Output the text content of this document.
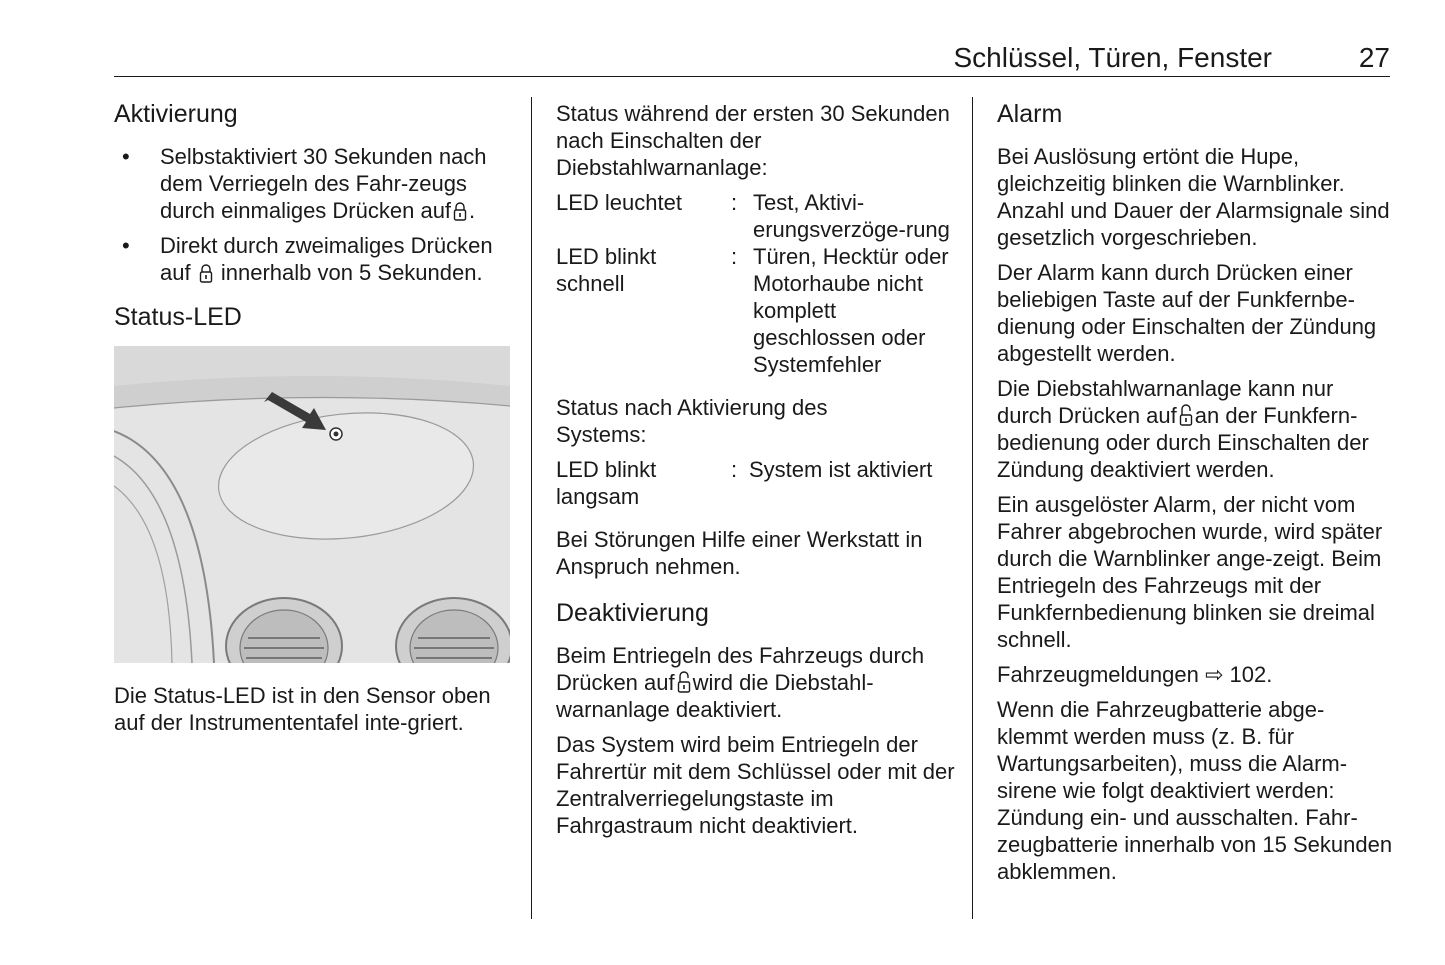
Schlüssel, Türen, Fenster	27
Aktivierung
• Selbstaktiviert 30 Sekunden nach dem Verriegeln des Fahr-zeugs durch einmaliges Drücken auf .
• Direkt durch zweimaliges Drücken auf innerhalb von 5 Sekunden.
Status-LED

Die Status-LED ist in den Sensor oben auf der Instrumententafel inte-griert.

Status während der ersten 30 Sekunden nach Einschalten der Diebstahlwarnanlage:

LED leuchtet	:	Test, Aktivi-erungsverzöge-rung
LED blinkt schnell	:	Türen, Hecktür oder Motorhaube nicht komplett geschlossen oder Systemfehler

Status nach Aktivierung des Systems:

LED blinkt langsam	:	System ist aktiviert

Bei Störungen Hilfe einer Werkstatt in Anspruch nehmen.

Deaktivierung

Beim Entriegeln des Fahrzeugs durch Drücken auf wird die Diebstahl-warnanlage deaktiviert.

Das System wird beim Entriegeln der Fahrertür mit dem Schlüssel oder mit der Zentralverriegelungstaste im Fahrgastraum nicht deaktiviert.

Alarm

Bei Auslösung ertönt die Hupe, gleichzeitig blinken die Warnblinker. Anzahl und Dauer der Alarmsignale sind gesetzlich vorgeschrieben.

Der Alarm kann durch Drücken einer beliebigen Taste auf der Funkfernbe-dienung oder Einschalten der Zündung abgestellt werden.

Die Diebstahlwarnanlage kann nur durch Drücken auf an der Funkfern-bedienung oder durch Einschalten der Zündung deaktiviert werden.

Ein ausgelöster Alarm, der nicht vom Fahrer abgebrochen wurde, wird später durch die Warnblinker ange-zeigt. Beim Entriegeln des Fahrzeugs mit der Funkfernbedienung blinken sie dreimal schnell.

Fahrzeugmeldungen ⇨ 102.

Wenn die Fahrzeugbatterie abge-klemmt werden muss (z. B. für Wartungsarbeiten), muss die Alarm-sirene wie folgt deaktiviert werden: Zündung ein- und ausschalten. Fahr-zeugbatterie innerhalb von 15 Sekunden abklemmen.
